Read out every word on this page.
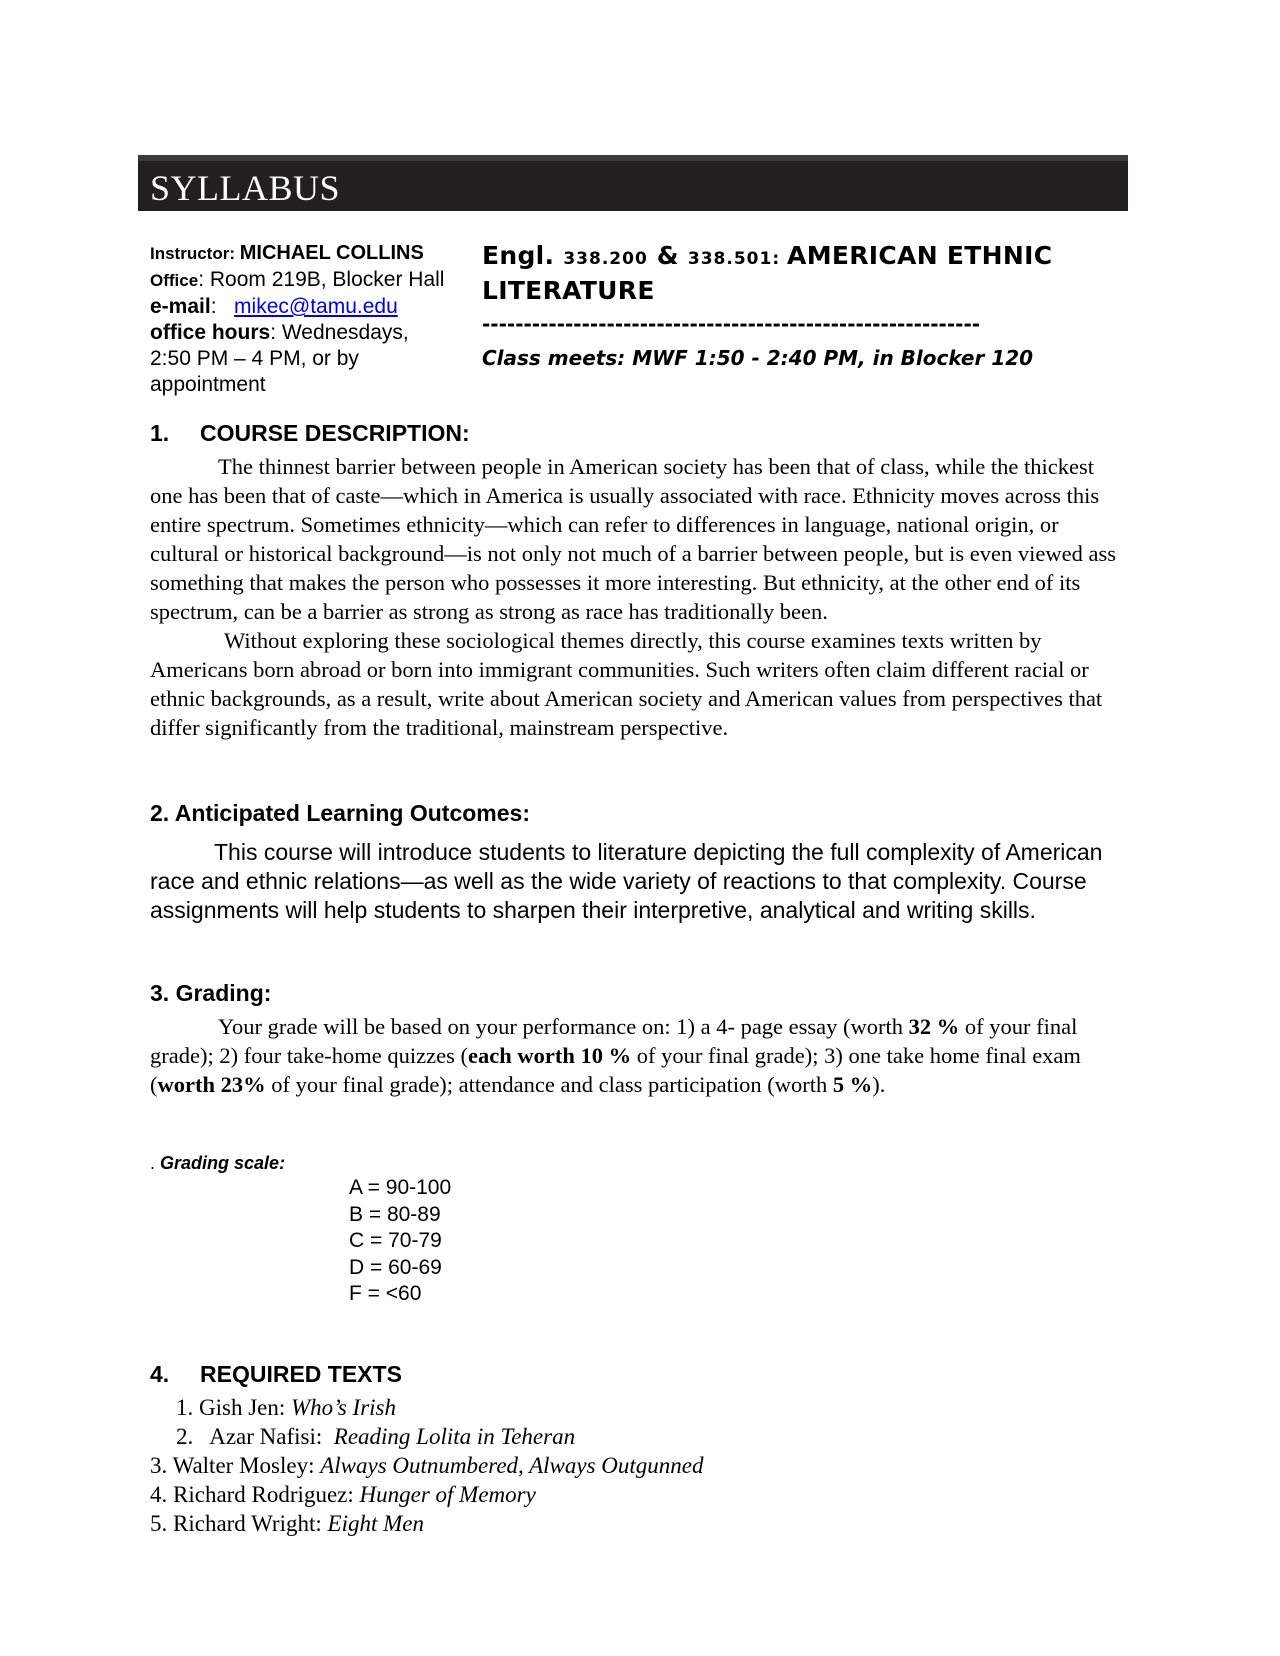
SYLLABUS
Instructor: MICHAEL COLLINS
Office: Room 219B, Blocker Hall
e-mail:   mikec@tamu.edu
office hours: Wednesdays, 2:50 PM – 4 PM, or by appointment
Engl. 338.200 & 338.501: AMERICAN ETHNIC LITERATURE
------------------------------------------------------------
Class meets: MWF 1:50 - 2:40 PM, in Blocker 120
1. COURSE DESCRIPTION:

The thinnest barrier between people in American society has been that of class, while the thickest one has been that of caste—which in America is usually associated with race. Ethnicity moves across this entire spectrum. Sometimes ethnicity—which can refer to differences in language, national origin, or cultural or historical background—is not only not much of a barrier between people, but is even viewed ass something that makes the person who possesses it more interesting. But ethnicity, at the other end of its spectrum, can be a barrier as strong as strong as race has traditionally been.

Without exploring these sociological themes directly, this course examines texts written by Americans born abroad or born into immigrant communities. Such writers often claim different racial or ethnic backgrounds, as a result, write about American society and American values from perspectives that differ significantly from the traditional, mainstream perspective.

2. Anticipated Learning Outcomes:

This course will introduce students to literature depicting the full complexity of American race and ethnic relations—as well as the wide variety of reactions to that complexity. Course assignments will help students to sharpen their interpretive, analytical and writing skills.

3. Grading:

Your grade will be based on your performance on: 1) a 4- page essay (worth 32 % of your final grade); 2) four take-home quizzes (each worth 10 % of your final grade); 3) one take home final exam (worth 23% of your final grade); attendance and class participation (worth 5 %).

. Grading scale:
A = 90-100
B = 80-89
C = 70-79
D = 60-69
F = <60
4. REQUIRED TEXTS
1. Gish Jen: Who’s Irish
2. Azar Nafisi:  Reading Lolita in Teheran
3. Walter Mosley: Always Outnumbered, Always Outgunned
4. Richard Rodriguez: Hunger of Memory
5. Richard Wright: Eight Men
